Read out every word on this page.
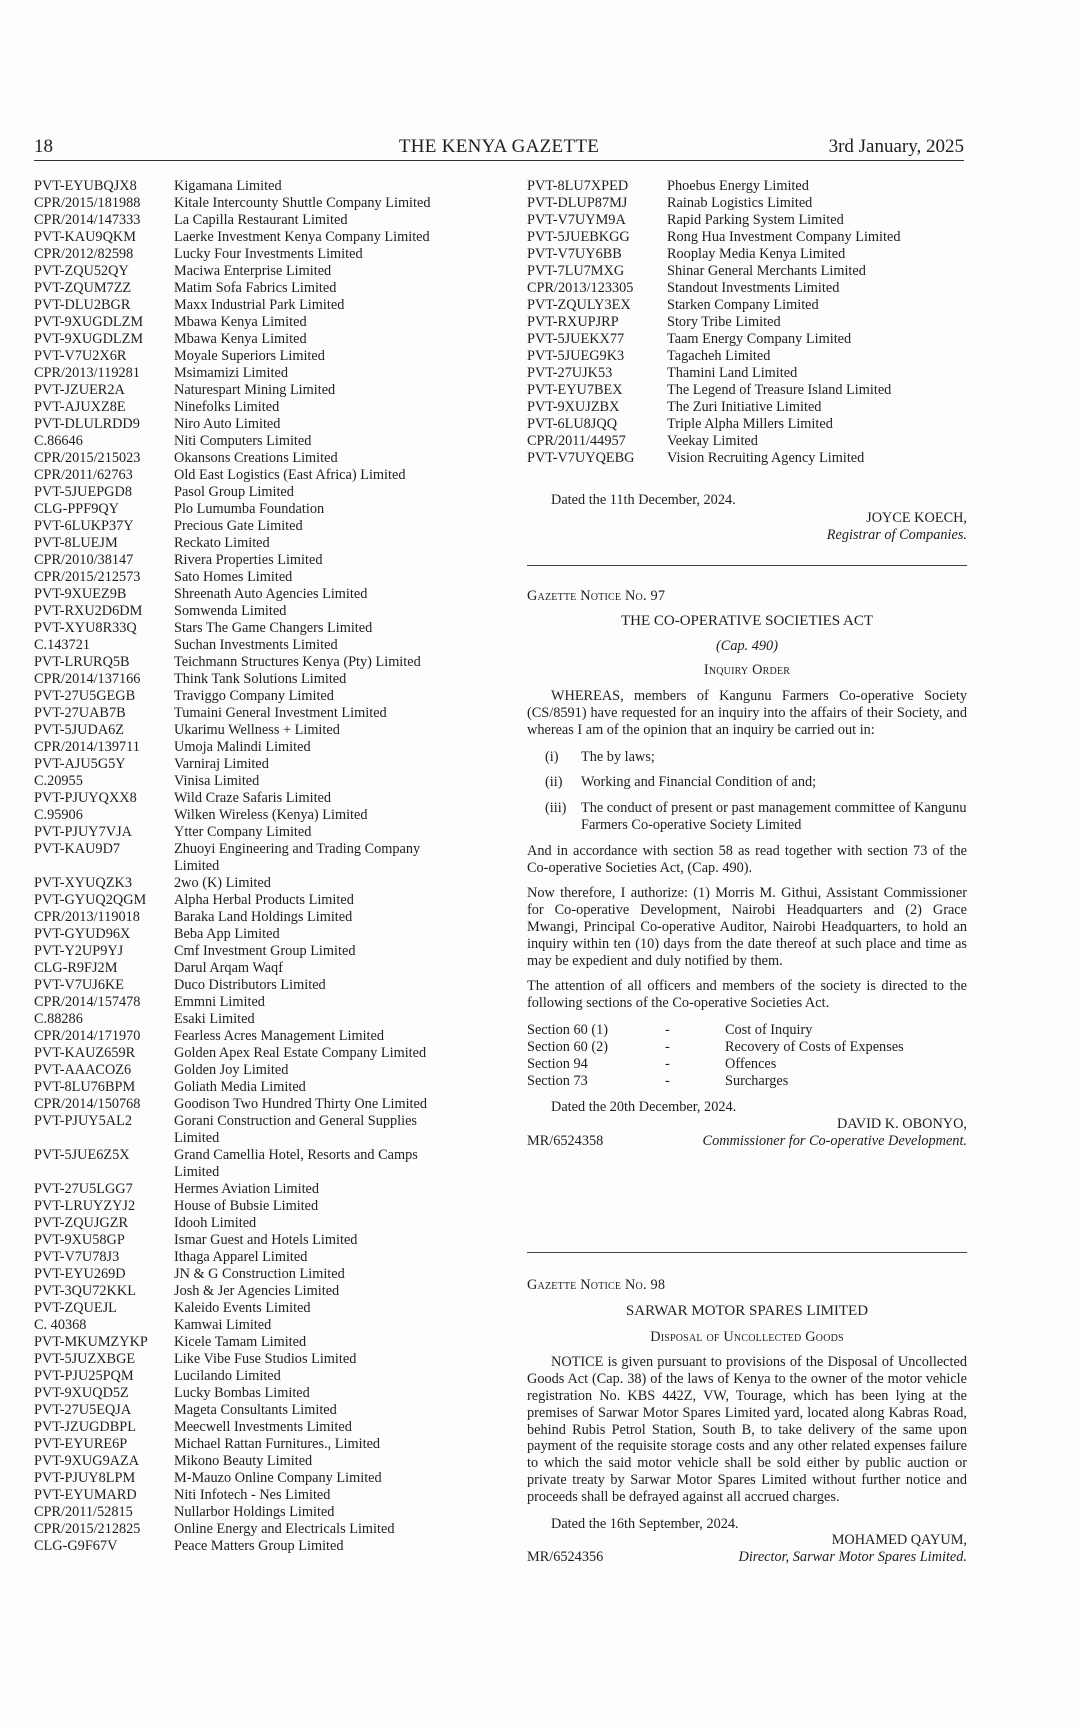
18	THE KENYA GAZETTE	3rd January, 2025
PVT-EYUBQJX8	Kigamana Limited
CPR/2015/181988	Kitale Intercounty Shuttle Company Limited
CPR/2014/147333	La Capilla Restaurant Limited
PVT-KAU9QKM	Laerke Investment Kenya Company Limited
CPR/2012/82598	Lucky Four Investments Limited
PVT-ZQU52QY	Maciwa Enterprise Limited
PVT-ZQUM7ZZ	Matim Sofa Fabrics Limited
PVT-DLU2BGR	Maxx Industrial Park Limited
PVT-9XUGDLZM	Mbawa Kenya Limited
PVT-9XUGDLZM	Mbawa Kenya Limited
PVT-V7U2X6R	Moyale Superiors Limited
CPR/2013/119281	Msimamizi Limited
PVT-JZUER2A	Naturespart Mining Limited
PVT-AJUXZ8E	Ninefolks Limited
PVT-DLULRDD9	Niro Auto Limited
C.86646	Niti Computers Limited
CPR/2015/215023	Okansons Creations Limited
CPR/2011/62763	Old East Logistics (East Africa) Limited
PVT-5JUEPGD8	Pasol Group Limited
CLG-PPF9QY	Plo Lumumba Foundation
PVT-6LUKP37Y	Precious Gate Limited
PVT-8LUEJM	Reckato Limited
CPR/2010/38147	Rivera Properties Limited
CPR/2015/212573	Sato Homes Limited
PVT-9XUEZ9B	Shreenath Auto Agencies Limited
PVT-RXU2D6DM	Somwenda Limited
PVT-XYU8R33Q	Stars The Game Changers Limited
C.143721	Suchan Investments Limited
PVT-LRURQ5B	Teichmann Structures Kenya (Pty) Limited
CPR/2014/137166	Think Tank Solutions Limited
PVT-27U5GEGB	Traviggo Company Limited
PVT-27UAB7B	Tumaini General Investment Limited
PVT-5JUDA6Z	Ukarimu Wellness + Limited
CPR/2014/139711	Umoja Malindi Limited
PVT-AJU5G5Y	Varniraj Limited
C.20955	Vinisa Limited
PVT-PJUYQXX8	Wild Craze Safaris Limited
C.95906	Wilken Wireless (Kenya) Limited
PVT-PJUY7VJA	Ytter Company Limited
PVT-KAU9D7	Zhuoyi Engineering and Trading Company Limited
PVT-XYUQZK3	2wo (K) Limited
PVT-GYUQ2QGM	Alpha Herbal Products Limited
CPR/2013/119018	Baraka Land Holdings Limited
PVT-GYUD96X	Beba App Limited
PVT-Y2UP9YJ	Cmf Investment Group Limited
CLG-R9FJ2M	Darul Arqam Waqf
PVT-V7UJ6KE	Duco Distributors Limited
CPR/2014/157478	Emmni Limited
C.88286	Esaki Limited
CPR/2014/171970	Fearless Acres Management Limited
PVT-KAUZ659R	Golden Apex Real Estate Company Limited
PVT-AAACOZ6	Golden Joy Limited
PVT-8LU76BPM	Goliath Media Limited
CPR/2014/150768	Goodison Two Hundred Thirty One Limited
PVT-PJUY5AL2	Gorani Construction and General Supplies Limited
PVT-5JUE6Z5X	Grand Camellia Hotel, Resorts and Camps Limited
PVT-27U5LGG7	Hermes Aviation Limited
PVT-LRUYZYJ2	House of Bubsie Limited
PVT-ZQUJGZR	Idooh Limited
PVT-9XU58GP	Ismar Guest and Hotels Limited
PVT-V7U78J3	Ithaga Apparel Limited
PVT-EYU269D	JN & G Construction Limited
PVT-3QU72KKL	Josh & Jer Agencies Limited
PVT-ZQUEJL	Kaleido Events Limited
C. 40368	Kamwai Limited
PVT-MKUMZYKP	Kicele Tamam Limited
PVT-5JUZXBGE	Like Vibe Fuse Studios Limited
PVT-PJU25PQM	Lucilando Limited
PVT-9XUQD5Z	Lucky Bombas Limited
PVT-27U5EQJA	Mageta Consultants Limited
PVT-JZUGDBPL	Meecwell Investments Limited
PVT-EYURE6P	Michael Rattan Furnitures., Limited
PVT-9XUG9AZA	Mikono Beauty Limited
PVT-PJUY8LPM	M-Mauzo Online Company Limited
PVT-EYUMARD	Niti Infotech - Nes Limited
CPR/2011/52815	Nullarbor Holdings Limited
CPR/2015/212825	Online Energy and Electricals Limited
CLG-G9F67V	Peace Matters Group Limited
PVT-8LU7XPED	Phoebus Energy Limited
PVT-DLUP87MJ	Rainab Logistics Limited
PVT-V7UYM9A	Rapid Parking System Limited
PVT-5JUEBKGG	Rong Hua Investment Company Limited
PVT-V7UY6BB	Rooplay Media Kenya Limited
PVT-7LU7MXG	Shinar General Merchants Limited
CPR/2013/123305	Standout Investments Limited
PVT-ZQULY3EX	Starken Company Limited
PVT-RXUPJRP	Story Tribe Limited
PVT-5JUEKX77	Taam Energy Company Limited
PVT-5JUEG9K3	Tagacheh Limited
PVT-27UJK53	Thamini Land Limited
PVT-EYU7BEX	The Legend of Treasure Island Limited
PVT-9XUJZBX	The Zuri Initiative Limited
PVT-6LU8JQQ	Triple Alpha Millers Limited
CPR/2011/44957	Veekay Limited
PVT-V7UYQEBG	Vision Recruiting Agency Limited

Dated the 11th December, 2024.

JOYCE KOECH,

Registrar of Companies.

Gazette Notice No. 97

THE CO-OPERATIVE SOCIETIES ACT

(Cap. 490)

Inquiry Order

WHEREAS, members of Kangunu Farmers Co-operative Society (CS/8591) have requested for an inquiry into the affairs of their Society, and whereas I am of the opinion that an inquiry be carried out in:

(i)	The by laws;
(ii)	Working and Financial Condition of and;
(iii)	The conduct of present or past management committee of Kangunu Farmers Co-operative Society Limited

And in accordance with section 58 as read together with section 73 of the Co-operative Societies Act, (Cap. 490).

Now therefore, I authorize: (1) Morris M. Githui, Assistant Commissioner for Co-operative Development, Nairobi Headquarters and (2) Grace Mwangi, Principal Co-operative Auditor, Nairobi Headquarters, to hold an inquiry within ten (10) days from the date thereof at such place and time as may be expedient and duly notified by them.

The attention of all officers and members of the society is directed to the following sections of the Co-operative Societies Act.

Section 60 (1)	-	Cost of Inquiry
Section 60 (2)	-	Recovery of Costs of Expenses
Section 94	-	Offences
Section 73	-	Surcharges

Dated the 20th December, 2024.

DAVID K. OBONYO,

MR/6524358	Commissioner for Co-operative Development.

Gazette Notice No. 98

SARWAR MOTOR SPARES LIMITED

Disposal of Uncollected Goods

NOTICE is given pursuant to provisions of the Disposal of Uncollected Goods Act (Cap. 38) of the laws of Kenya to the owner of the motor vehicle registration No. KBS 442Z, VW, Tourage, which has been lying at the premises of Sarwar Motor Spares Limited yard, located along Kabras Road, behind Rubis Petrol Station, South B, to take delivery of the same upon payment of the requisite storage costs and any other related expenses failure to which the said motor vehicle shall be sold either by public auction or private treaty by Sarwar Motor Spares Limited without further notice and proceeds shall be defrayed against all accrued charges.

Dated the 16th September, 2024.

MOHAMED QAYUM,

MR/6524356	Director, Sarwar Motor Spares Limited.
